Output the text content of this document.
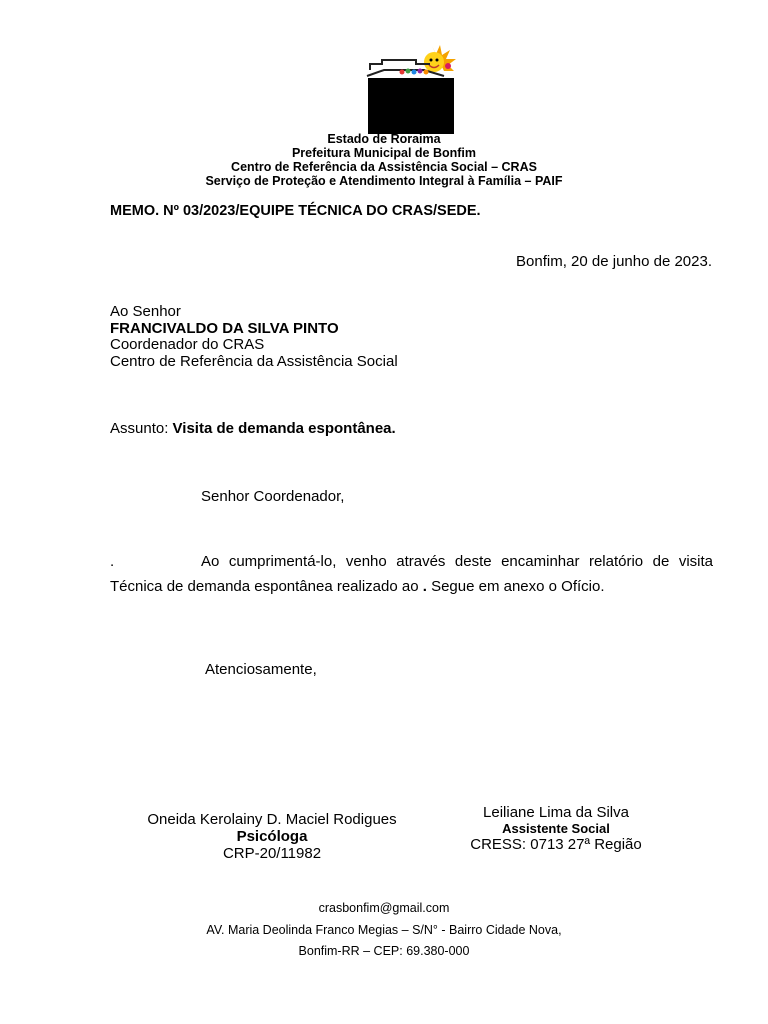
Estado de Roraima
Prefeitura Municipal de Bonfim
Centro de Referência da Assistência Social – CRAS
Serviço de Proteção e Atendimento Integral à Família – PAIF
MEMO. Nº 03/2023/EQUIPE TÉCNICA DO CRAS/SEDE.
Bonfim, 20 de junho de 2023.
Ao Senhor
FRANCIVALDO DA SILVA PINTO
Coordenador do CRAS
Centro de Referência da Assistência Social
Assunto: Visita de demanda espontânea.
Senhor Coordenador,
.	Ao cumprimentá-lo, venho através deste encaminhar relatório de visita
Técnica de demanda espontânea realizado ao . Segue em anexo o Ofício.
Atenciosamente,
Oneida Kerolainy D. Maciel Rodigues
Psicóloga
CRP-20/11982
Leiliane Lima da Silva
Assistente Social
CRESS: 0713 27ª Região
crasbonfim@gmail.com
AV. Maria Deolinda Franco Megias – S/N° - Bairro Cidade Nova,
Bonfim-RR – CEP: 69.380-000
